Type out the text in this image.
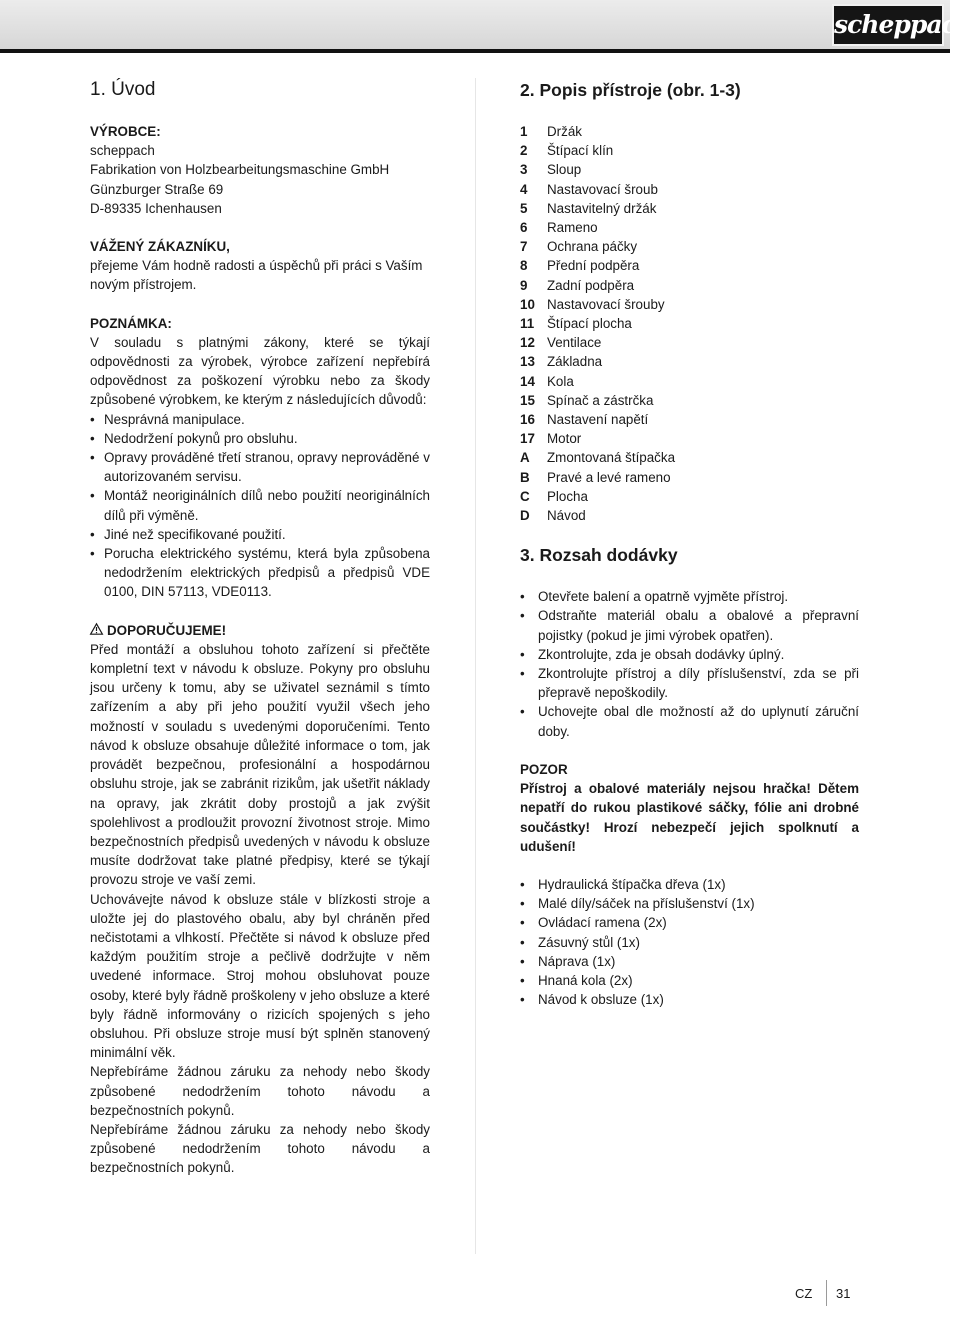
scheppach
1. Úvod

VÝROBCE:

scheppach

Fabrikation von Holzbearbeitungsmaschine GmbH

Günzburger Straße 69

D-89335 Ichenhausen

VÁŽENÝ ZÁKAZNÍKU,

přejeme Vám hodně radosti a úspěchů při práci s Vaším novým přístrojem.

POZNÁMKA:

V souladu s platnými zákony, které se týkají odpovědnosti za výrobek, výrobce zařízení nepřebírá odpovědnost za poškození výrobku nebo za škody způsobené výrobkem, ke kterým z následujících důvodů:

• Nesprávná manipulace.
• Nedodržení pokynů pro obsluhu.
• Opravy prováděné třetí stranou, opravy neprováděné v autorizovaném servisu.
• Montáž neoriginálních dílů nebo použití neoriginálních dílů při výměně.
• Jiné než specifikované použití.
• Porucha elektrického systému, která byla způsobena nedodržením elektrických předpisů a předpisů VDE 0100, DIN 57113, VDE0113.

DOPORUČUJEME!

Před montáží a obsluhou tohoto zařízení si přečtěte kompletní text v návodu k obsluze. Pokyny pro obsluhu jsou určeny k tomu, aby se uživatel seznámil s tímto zařízením a aby při jeho použití využil všech jeho možností v souladu s uvedenými doporučeními. Tento návod k obsluze obsahuje důležité informace o tom, jak provádět bezpečnou, profesionální a hospodárnou obsluhu stroje, jak se zabránit rizikům, jak ušetřit náklady na opravy, jak zkrátit doby prostojů a jak zvýšit spolehlivost a prodloužit provozní životnost stroje. Mimo bezpečnostních předpisů uvedených v návodu k obsluze musíte dodržovat take platné předpisy, které se týkají provozu stroje ve vaší zemi.

Uchovávejte návod k obsluze stále v blízkosti stroje a uložte jej do plastového obalu, aby byl chráněn před nečistotami a vlhkostí. Přečtěte si návod k obsluze před každým použitím stroje a pečlivě dodržujte v něm uvedené informace. Stroj mohou obsluhovat pouze osoby, které byly řádně proškoleny v jeho obsluze a které byly řádně informovány o rizicích spojených s jeho obsluhou. Při obsluze stroje musí být splněn stanovený minimální věk.

Nepřebíráme žádnou záruku za nehody nebo škody způsobené nedodržením tohoto návodu a bezpečnostních pokynů.

Nepřebíráme žádnou záruku za nehody nebo škody způsobené nedodržením tohoto návodu a bezpečnostních pokynů.

2. Popis přístroje (obr. 1-3)
1	Držák
2	Štípací klín
3	Sloup
4	Nastavovací šroub
5	Nastavitelný držák
6	Rameno
7	Ochrana páčky
8	Přední podpěra
9	Zadní podpěra
10 Nastavovací šrouby
11 Štípací plocha
12 Ventilace
13 Základna
14 Kola
15 Spínač a zástrčka
16 Nastavení napětí
17 Motor
A	Zmontovaná štípačka
B	Pravé a levé rameno
C	Plocha
D	Návod
3. Rozsah dodávky
• Otevřete balení a opatrně vyjměte přístroj.
• Odstraňte materiál obalu a obalové a přepravní pojistky (pokud je jimi výrobek opatřen).
• Zkontrolujte, zda je obsah dodávky úplný.
• Zkontrolujte přístroj a díly příslušenství, zda se při přepravě nepoškodily.
• Uchovejte obal dle možností až do uplynutí záruční doby.

POZOR

Přístroj a obalové materiály nejsou hračka! Dětem nepatří do rukou plastikové sáčky, fólie ani drobné součástky! Hrozí nebezpečí jejich spolknutí a udušení!

• Hydraulická štípačka dřeva (1x)
• Malé díly/sáček na příslušenství (1x)
• Ovládací ramena (2x)
• Zásuvný stůl (1x)
• Náprava (1x)
• Hnaná kola (2x)
• Návod k obsluze (1x)
CZ 31
